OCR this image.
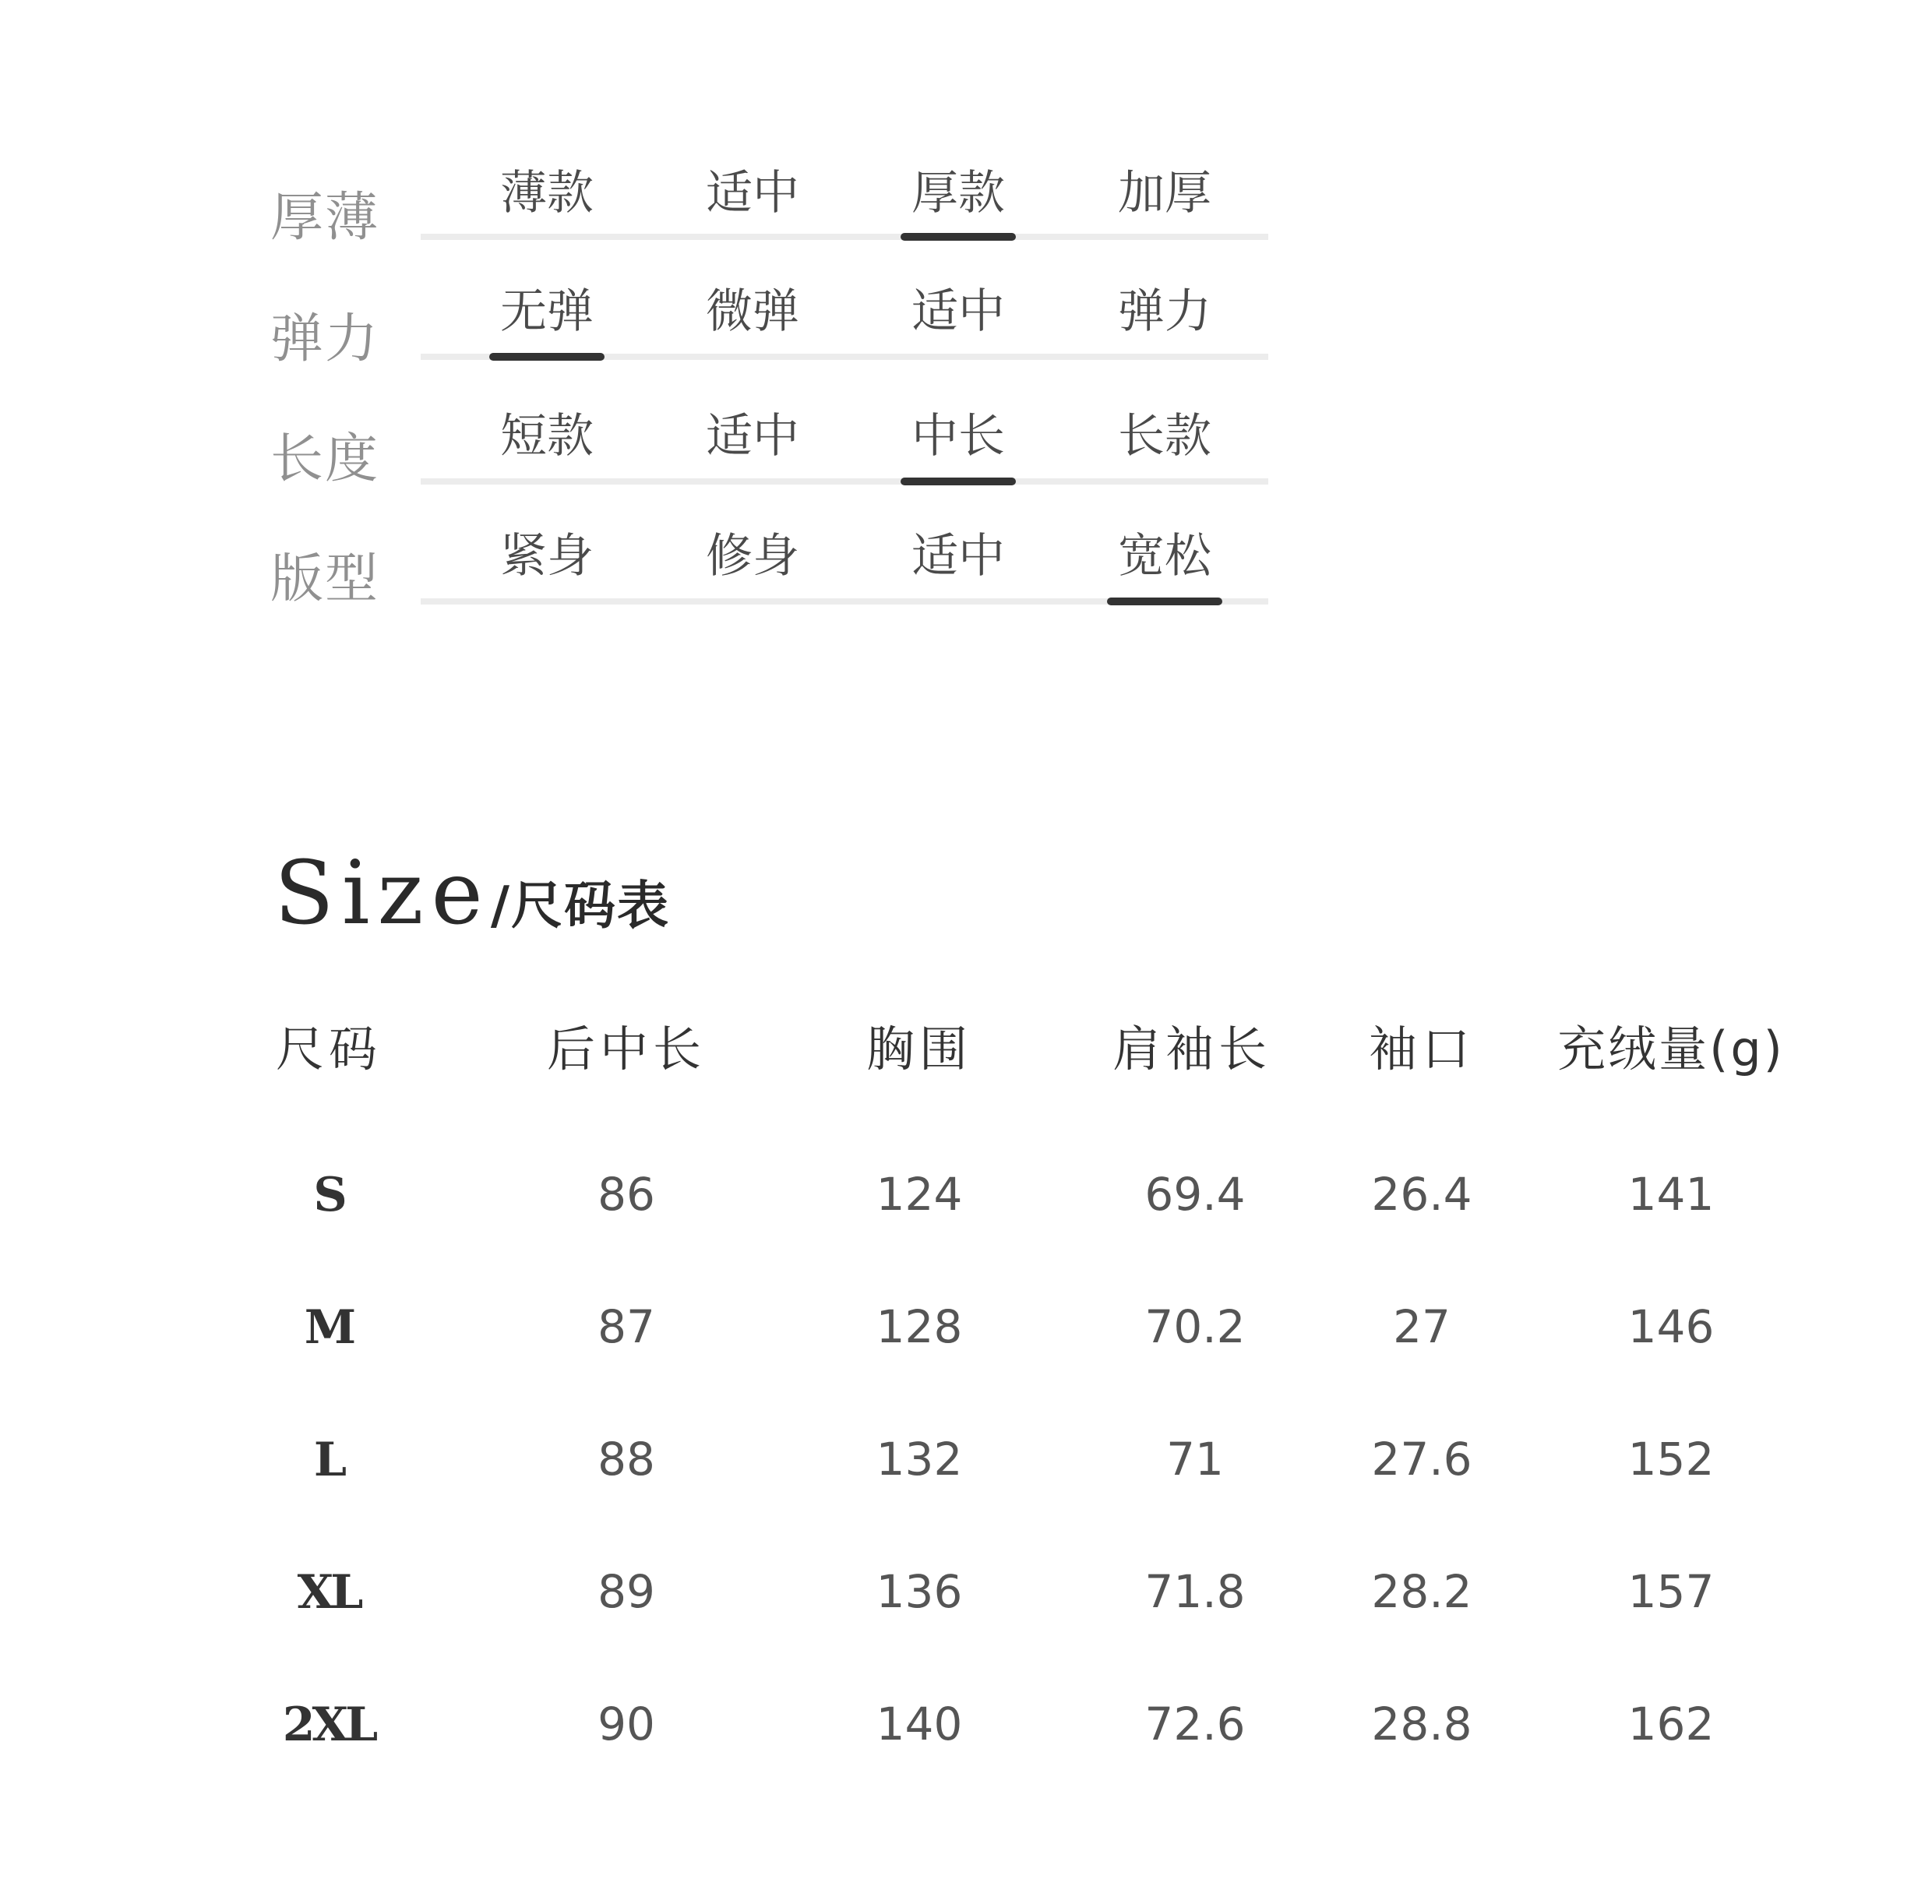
厚薄	薄款	适中	厚款	加厚
弹力	无弹	微弹	适中	弹力
长度	短款	适中	中长	长款
版型	紧身	修身	适中	宽松
Size/尺码表
尺码	后中长	胸围	肩袖长	袖口	充绒量(g)
S	86	124	69.4	26.4	141
M	87	128	70.2	27	146
L	88	132	71	27.6	152
XL	89	136	71.8	28.2	157
2XL	90	140	72.6	28.8	162
